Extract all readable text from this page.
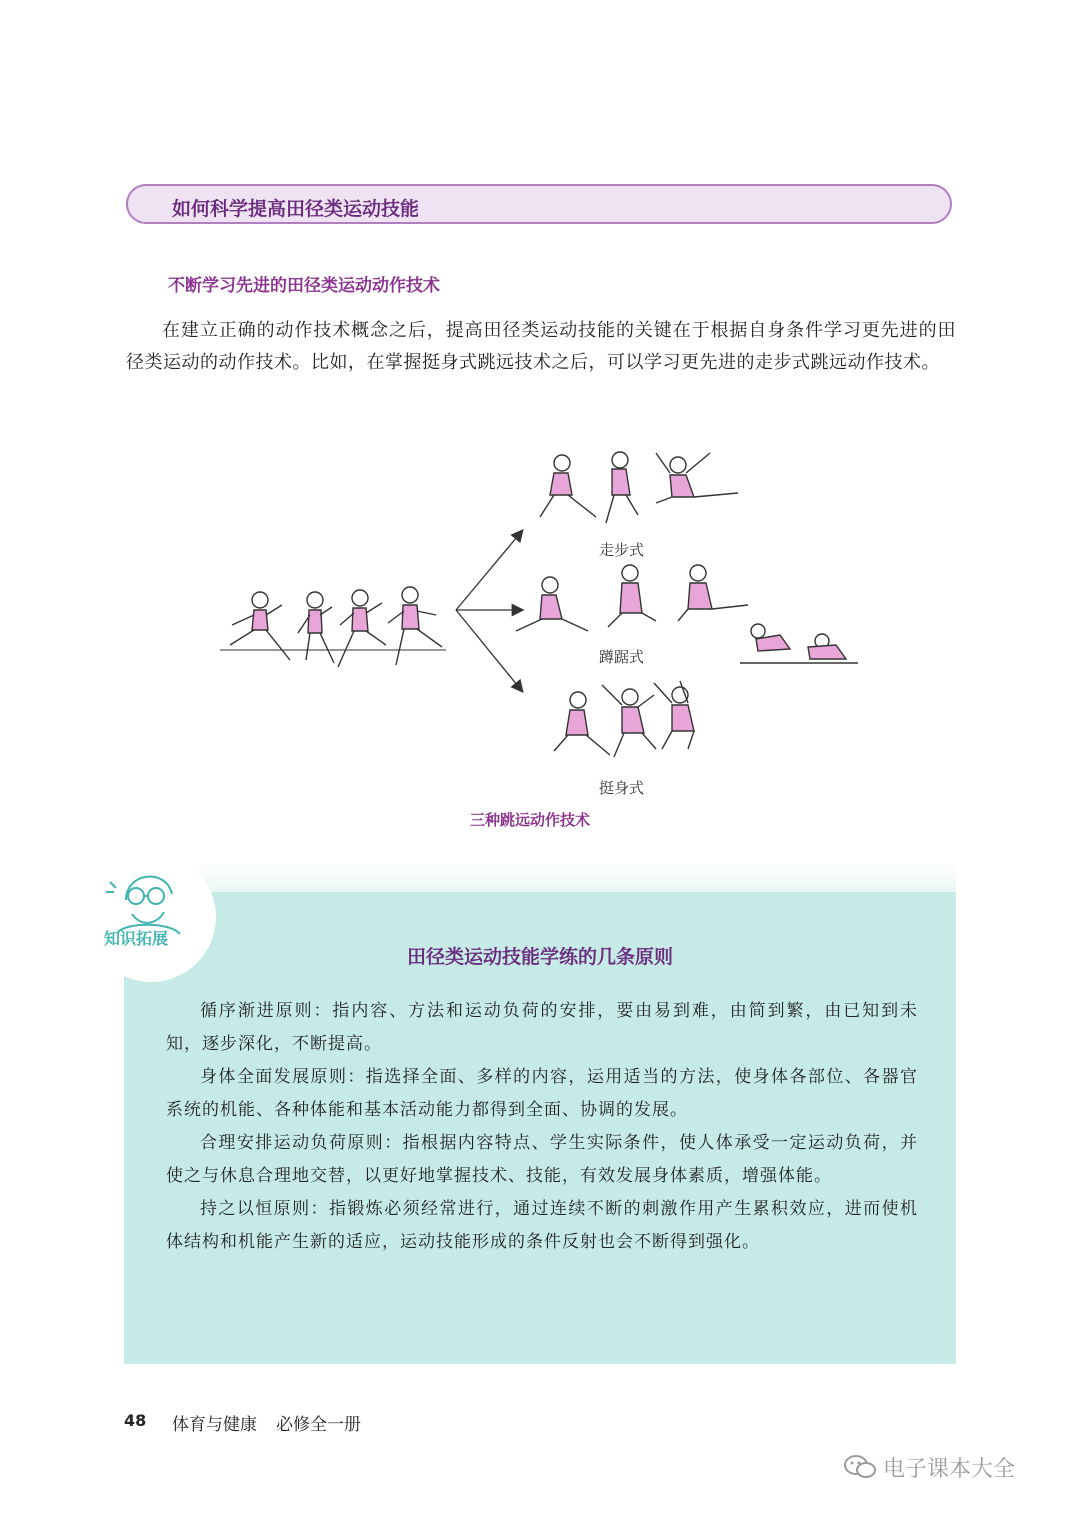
如何科学提高田径类运动技能
不断学习先进的田径类运动动作技术

在建立正确的动作技术概念之后，提高田径类运动技能的关键在于根据自身条件学习更先进的田径类运动的动作技术。比如，在掌握挺身式跳远技术之后，可以学习更先进的走步式跳远动作技术。

走步式
蹲踞式
挺身式
三种跳远动作技术
知识拓展
田径类运动技能学练的几条原则

循序渐进原则：指内容、方法和运动负荷的安排，要由易到难，由简到繁，由已知到未知，逐步深化，不断提高。

身体全面发展原则：指选择全面、多样的内容，运用适当的方法，使身体各部位、各器官系统的机能、各种体能和基本活动能力都得到全面、协调的发展。

合理安排运动负荷原则：指根据内容特点、学生实际条件，使人体承受一定运动负荷，并使之与休息合理地交替，以更好地掌握技术、技能，有效发展身体素质，增强体能。

持之以恒原则：指锻炼必须经常进行，通过连续不断的刺激作用产生累积效应，进而使机体结构和机能产生新的适应，运动技能形成的条件反射也会不断得到强化。

48 体育与健康 必修全一册
电子课本大全
